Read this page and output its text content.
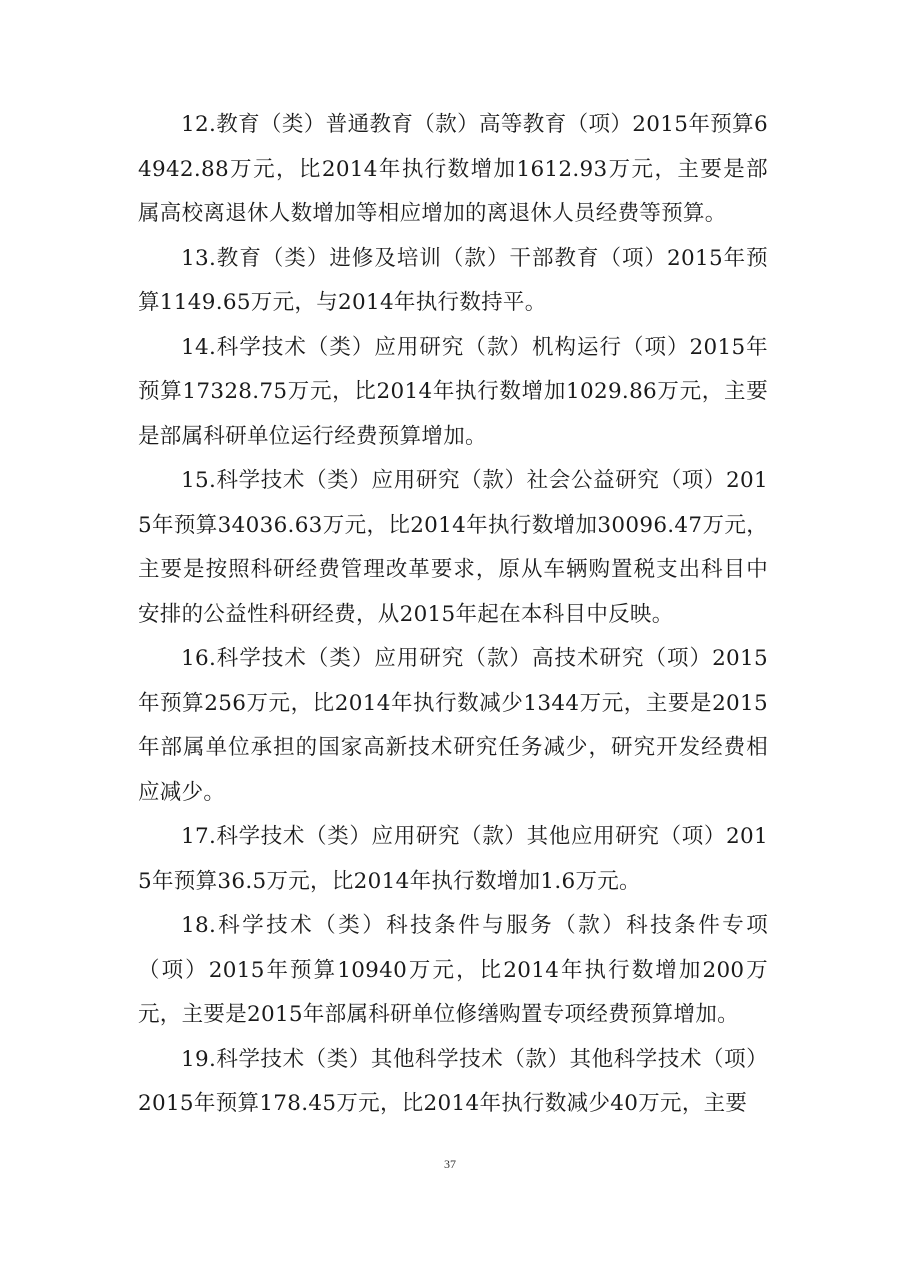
12.教育（类）普通教育（款）高等教育（项）2015年预算64942.88万元，比2014年执行数增加1612.93万元，主要是部属高校离退休人数增加等相应增加的离退休人员经费等预算。

13.教育（类）进修及培训（款）干部教育（项）2015年预算1149.65万元，与2014年执行数持平。

14.科学技术（类）应用研究（款）机构运行（项）2015年预算17328.75万元，比2014年执行数增加1029.86万元，主要是部属科研单位运行经费预算增加。

15.科学技术（类）应用研究（款）社会公益研究（项）2015年预算34036.63万元，比2014年执行数增加30096.47万元，主要是按照科研经费管理改革要求，原从车辆购置税支出科目中安排的公益性科研经费，从2015年起在本科目中反映。

16.科学技术（类）应用研究（款）高技术研究（项）2015年预算256万元，比2014年执行数减少1344万元，主要是2015年部属单位承担的国家高新技术研究任务减少，研究开发经费相应减少。

17.科学技术（类）应用研究（款）其他应用研究（项）2015年预算36.5万元，比2014年执行数增加1.6万元。

18.科学技术（类）科技条件与服务（款）科技条件专项（项）2015年预算10940万元，比2014年执行数增加200万元，主要是2015年部属科研单位修缮购置专项经费预算增加。

19.科学技术（类）其他科学技术（款）其他科学技术（项）2015年预算178.45万元，比2014年执行数减少40万元，主要

37
